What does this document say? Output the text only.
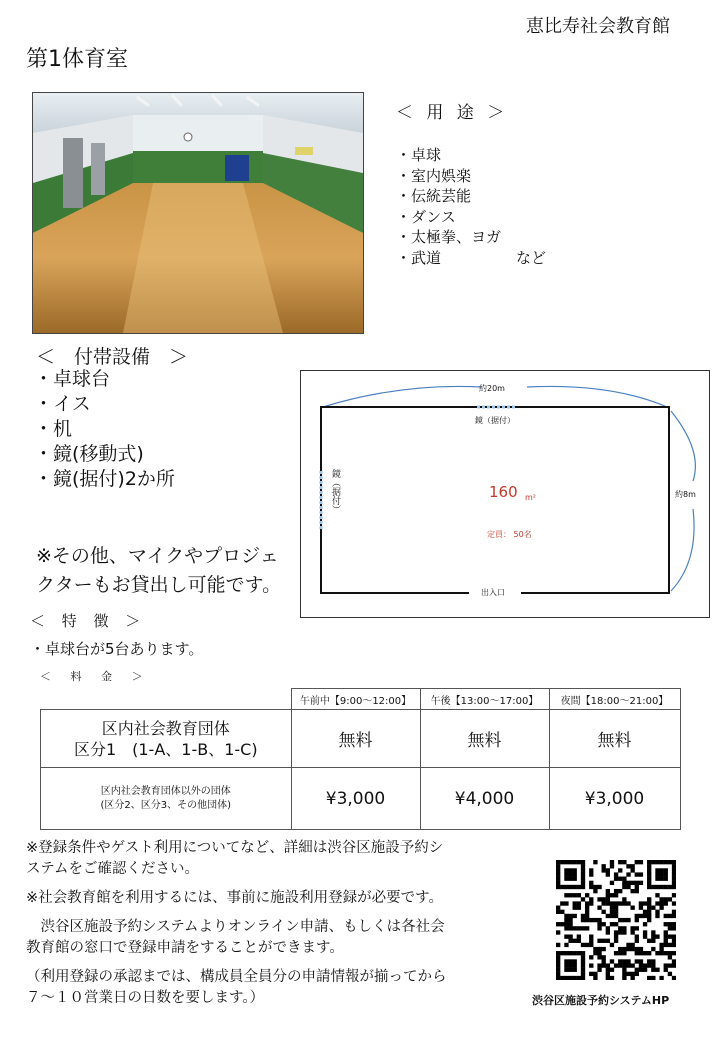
恵比寿社会教育館
第1体育室
＜ 用 途 ＞
・卓球
・室内娯楽
・伝統芸能
・ダンス
・太極拳、ヨガ
・武道　　　　　など
＜　付帯設備　＞
・卓球台
・イス
・机
・鏡(移動式)
・鏡(据付)2か所
※その他、マイクやプロジェ
クターもお貸出し可能です。
約20m
約8m
鏡（据付）
鏡（据付）	160 m²
定員： 50名
出入口
＜ 特 徴 ＞
・卓球台が5台あります。
＜ 料 金 ＞
	午前中【9:00～12:00】	午後【13:00～17:00】	夜間【18:00～21:00】

区内社会教育団体
区分1　(1-A、1-B、1-C)	無料	無料	無料

区内社会教育団体以外の団体
(区分2、区分3、その他団体)	¥3,000	¥4,000	¥3,000

※登録条件やゲスト利用についてなど、詳細は渋谷区施設予約シ

ステムをご確認ください。

※社会教育館を利用するには、事前に施設利用登録が必要です。

　渋谷区施設予約システムよりオンライン申請、もしくは各社会

教育館の窓口で登録申請をすることができます。

（利用登録の承認までは、構成員全員分の申請情報が揃ってから

７～１０営業日の日数を要します。）	渋谷区施設予約システムHP
